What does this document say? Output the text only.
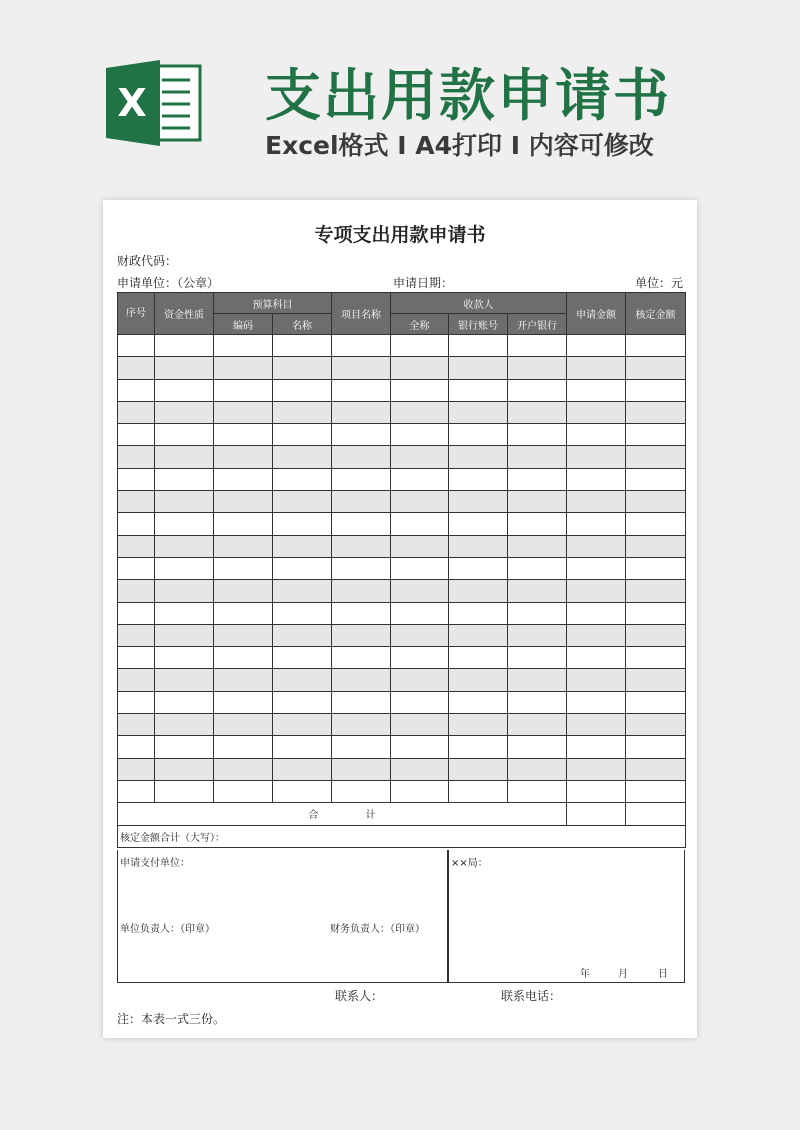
X 支出用款申请书
Excel格式 I A4打印 I 内容可修改
专项支出用款申请书
财政代码：
申请单位：（公章）	申请日期：	单位：元
序号	资金性质	预算科目		项目名称	收款人			申请金额	核定金额
		编码	名称		全称	银行账号	开户银行		

合 计									
核定金额合计（大写）：									
申请支付单位：
单位负责人：（印章）	财务负责人：（印章）
××局：
年	月	日
联系人：	联系电话：
注：本表一式三份。
